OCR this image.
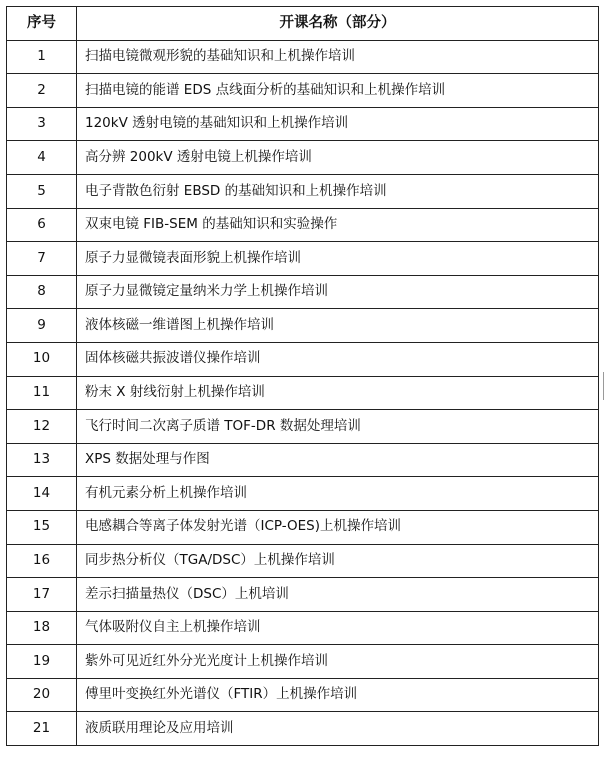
序号	开课名称（部分）
1	扫描电镜微观形貌的基础知识和上机操作培训
2	扫描电镜的能谱 EDS 点线面分析的基础知识和上机操作培训
3	120kV 透射电镜的基础知识和上机操作培训
4	高分辨 200kV 透射电镜上机操作培训
5	电子背散色衍射 EBSD 的基础知识和上机操作培训
6	双束电镜 FIB-SEM 的基础知识和实验操作
7	原子力显微镜表面形貌上机操作培训
8	原子力显微镜定量纳米力学上机操作培训
9	液体核磁一维谱图上机操作培训
10	固体核磁共振波谱仪操作培训
11	粉末 X 射线衍射上机操作培训
12	飞行时间二次离子质谱 TOF-DR 数据处理培训
13	XPS 数据处理与作图
14	有机元素分析上机操作培训
15	电感耦合等离子体发射光谱（ICP-OES)上机操作培训
16	同步热分析仪（TGA/DSC）上机操作培训
17	差示扫描量热仪（DSC）上机培训
18	气体吸附仪自主上机操作培训
19	紫外可见近红外分光光度计上机操作培训
20	傅里叶变换红外光谱仪（FTIR）上机操作培训
21	液质联用理论及应用培训
